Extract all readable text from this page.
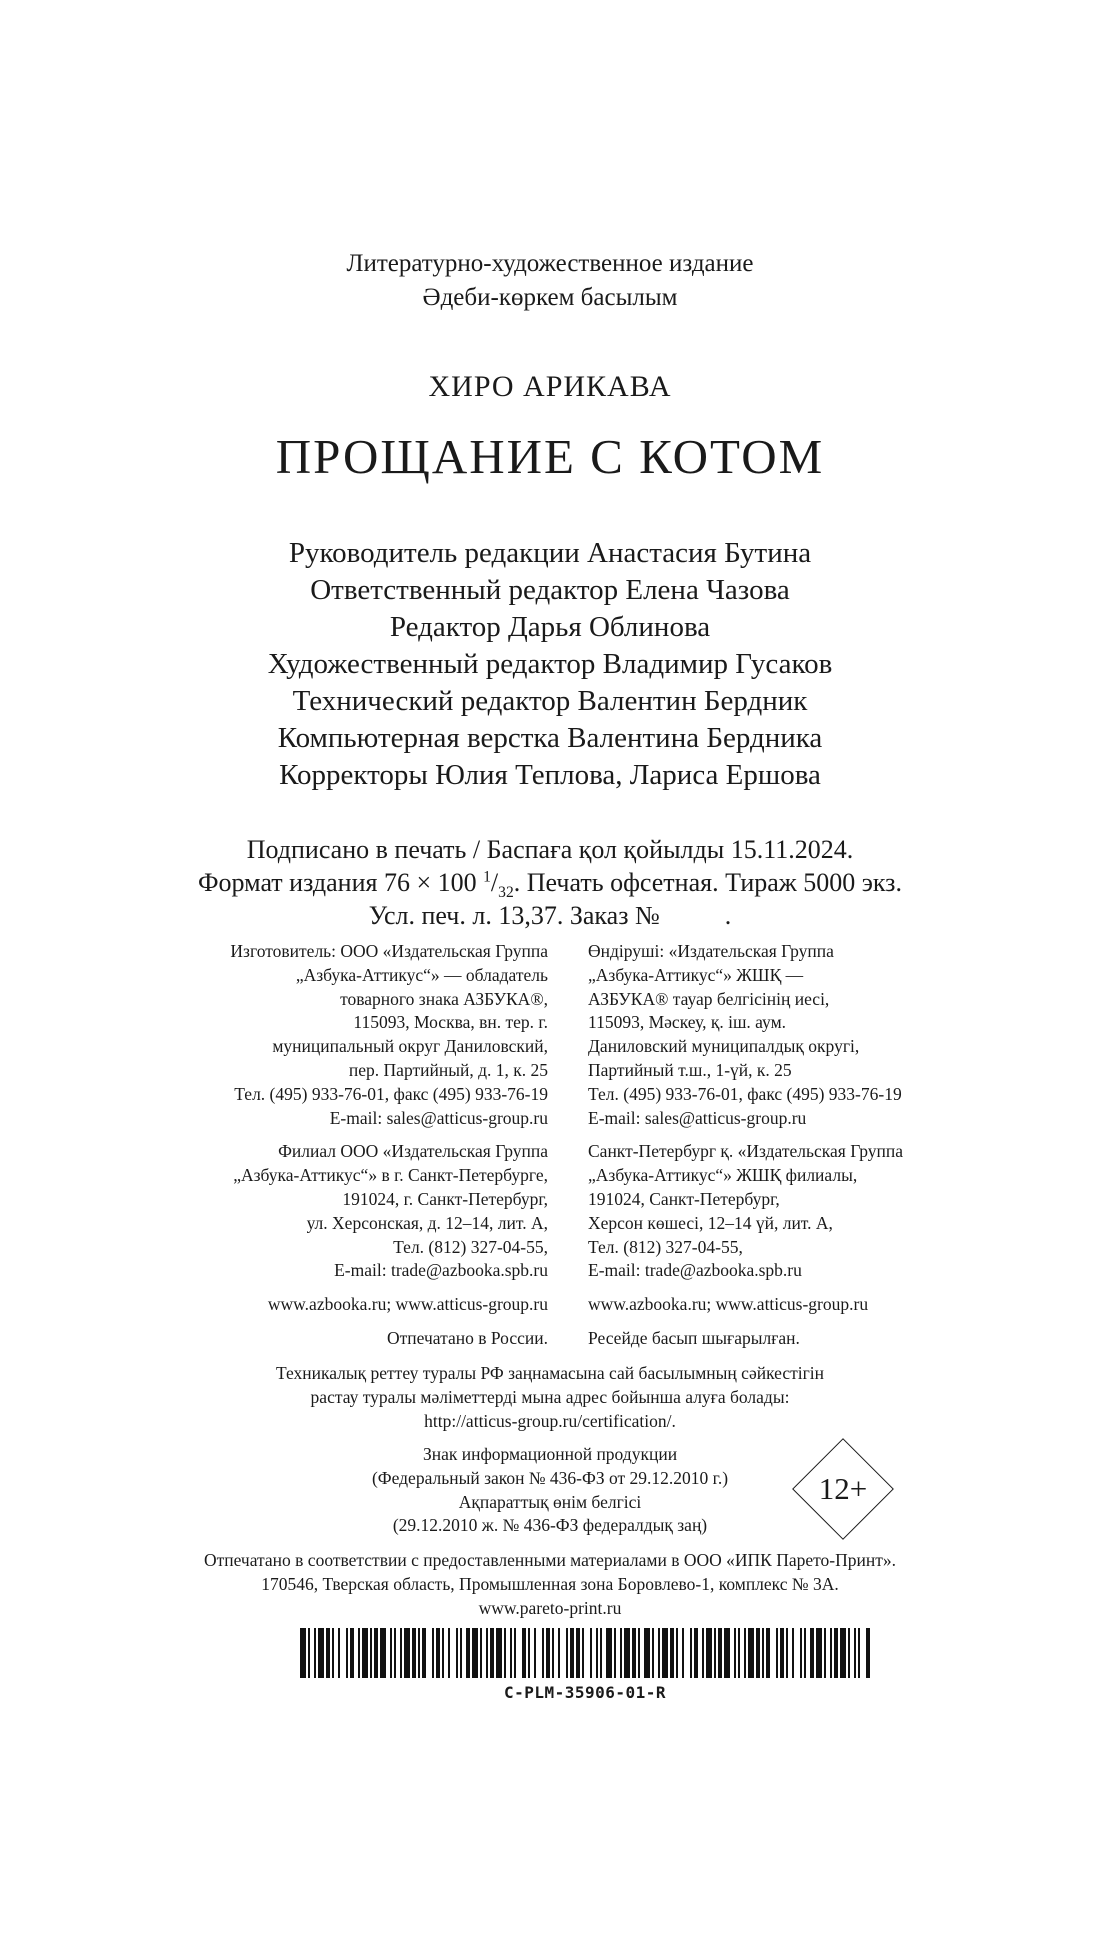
Литературно-художественное издание
Әдеби-көркем басылым
ХИРО АРИКАВА
ПРОЩАНИЕ С КОТОМ
Руководитель редакции Анастасия Бутина
Ответственный редактор Елена Чазова
Редактор Дарья Облинова
Художественный редактор Владимир Гусаков
Технический редактор Валентин Бердник
Компьютерная верстка Валентина Бердника
Корректоры Юлия Теплова, Лариса Ершова
Подписано в печать / Баспаға қол қойылды 15.11.2024.
Формат издания 76 × 100 $^1/_{32}$. Печать офсетная. Тираж 5000 экз.
Усл. печ. л. 13,37. Заказ №          .
Изготовитель: ООО «Издательская Группа
„Азбука-Аттикус“» — обладатель
товарного знака АЗБУКА®,
115093, Москва, вн. тер. г.
муниципальный округ Даниловский,
пер. Партийный, д. 1, к. 25
Тел. (495) 933-76-01, факс (495) 933-76-19
E-mail: sales@atticus-group.ru
Филиал ООО «Издательская Группа
„Азбука-Аттикус“» в г. Санкт-Петербурге,
191024, г. Санкт-Петербург,
ул. Херсонская, д. 12–14, лит. А,
Тел. (812) 327-04-55,
E-mail: trade@azbooka.spb.ru
www.azbooka.ru; www.atticus-group.ru
Отпечатано в России.
Өндіруші: «Издательская Группа
„Азбука-Аттикус“» ЖШҚ —
АЗБУКА® тауар белгісінің иесі,
115093, Мәскеу, қ. іш. аум.
Даниловский муниципалдық округі,
Партийный т.ш., 1-үй, к. 25
Тел. (495) 933-76-01, факс (495) 933-76-19
E-mail: sales@atticus-group.ru
Санкт-Петербург қ. «Издательская Группа
„Азбука-Аттикус“» ЖШҚ филиалы,
191024, Санкт-Петербург,
Херсон көшесі, 12–14 үй, лит. А,
Тел. (812) 327-04-55,
E-mail: trade@azbooka.spb.ru
www.azbooka.ru; www.atticus-group.ru
Ресейде басып шығарылған.
Техникалық реттеу туралы РФ заңнамасына сай басылымның сәйкестігін
растау туралы мәліметтерді мына адрес бойынша алуға болады:
http://atticus-group.ru/certification/.
Знак информационной продукции
(Федеральный закон № 436-ФЗ от 29.12.2010 г.)
Ақпараттық өнім белгісі
(29.12.2010 ж. № 436-ФЗ федералдық заң)
12+
Отпечатано в соответствии с предоставленными материалами в ООО «ИПК Парето-Принт».
170546, Тверская область, Промышленная зона Боровлево-1, комплекс № 3А.
www.pareto-print.ru
C-PLM-35906-01-R
